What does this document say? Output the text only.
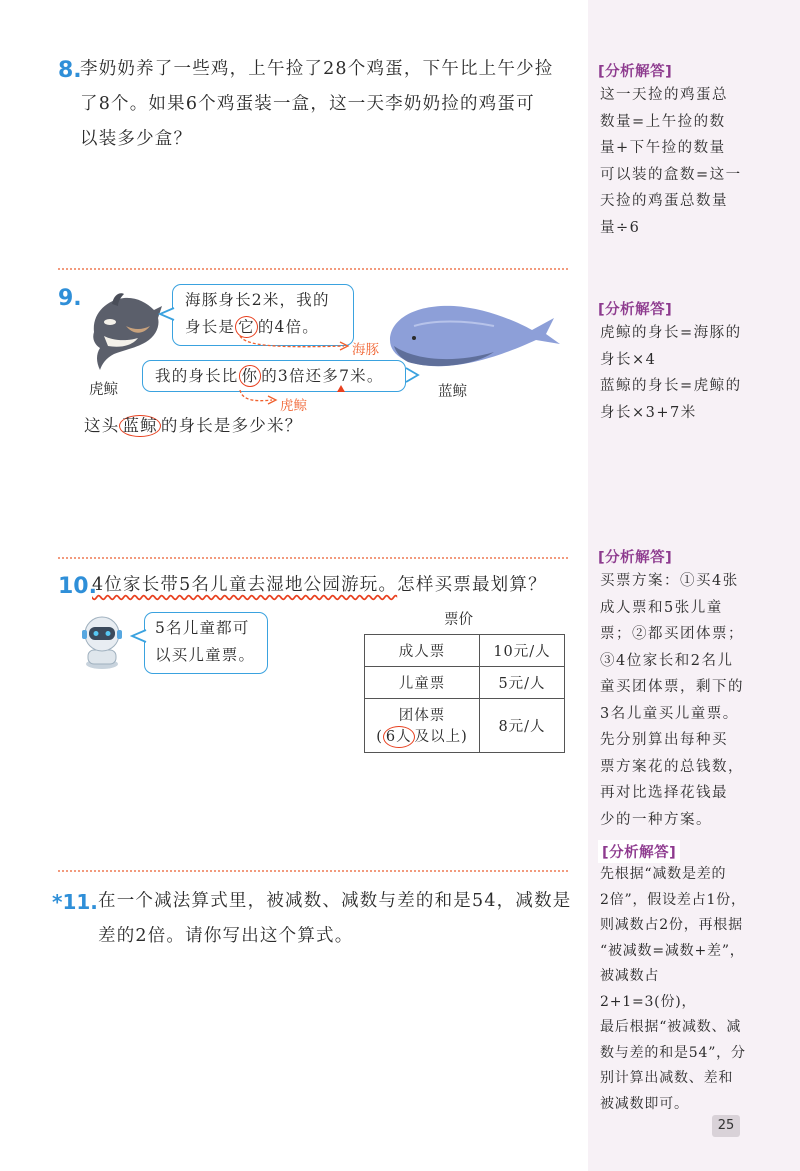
8.
李奶奶养了一些鸡，上午捡了28个鸡蛋，下午比上午少捡
了8个。如果6个鸡蛋装一盒，这一天李奶奶捡的鸡蛋可
以装多少盒？
[分析解答]
这一天捡的鸡蛋总
数量=上午捡的数
量+下午捡的数量
可以装的盒数=这一
天捡的鸡蛋总数量
量÷6
9.
虎鲸
海豚身长2米，我的
身长是 它 的4倍。
海豚
蓝鲸
我的身长比 你 的3倍还多7米。
虎鲸
这头 蓝鲸 的身长是多少米？
[分析解答]
虎鲸的身长=海豚的
身长×4
蓝鲸的身长=虎鲸的
身长×3+7米
10.
4位家长带5名儿童去湿地公园游玩。怎样买票最划算？
5名儿童都可
以买儿童票。
票价
成人票	10元/人
儿童票	5元/人

团体票
( 6人 及以上)	8元/人
[分析解答]
买票方案：①买4张
成人票和5张儿童
票；②都买团体票；
③4位家长和2名儿
童买团体票，剩下的
3名儿童买儿童票。
先分别算出每种买
票方案花的总钱数，
再对比选择花钱最
少的一种方案。
*11. 在一个减法算式里，被减数、减数与差的和是54，减数是
差的2倍。请你写出这个算式。
[分析解答]
先根据“减数是差的
2倍”，假设差占1份，
则减数占2份，再根据
“被减数=减数+差”，
被减数占2+1=3(份)，
最后根据“被减数、减
数与差的和是54”，分
别计算出减数、差和
被减数即可。
25
